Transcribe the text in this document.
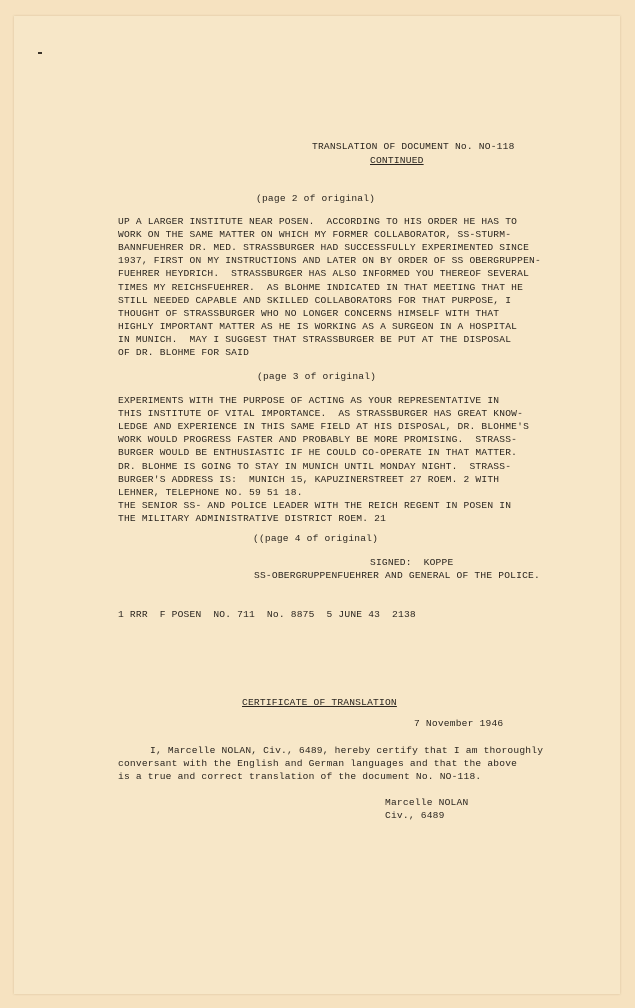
TRANSLATION OF DOCUMENT No. NO-118
CONTINUED
(page 2 of original)
UP A LARGER INSTITUTE NEAR POSEN.  ACCORDING TO HIS ORDER HE HAS TO
WORK ON THE SAME MATTER ON WHICH MY FORMER COLLABORATOR, SS-STURM-
BANNFUEHRER DR. MED. STRASSBURGER HAD SUCCESSFULLY EXPERIMENTED SINCE
1937, FIRST ON MY INSTRUCTIONS AND LATER ON BY ORDER OF SS OBERGRUPPEN-
FUEHRER HEYDRICH.  STRASSBURGER HAS ALSO INFORMED YOU THEREOF SEVERAL
TIMES MY REICHSFUEHRER.  AS BLOHME INDICATED IN THAT MEETING THAT HE
STILL NEEDED CAPABLE AND SKILLED COLLABORATORS FOR THAT PURPOSE, I
THOUGHT OF STRASSBURGER WHO NO LONGER CONCERNS HIMSELF WITH THAT
HIGHLY IMPORTANT MATTER AS HE IS WORKING AS A SURGEON IN A HOSPITAL
IN MUNICH.  MAY I SUGGEST THAT STRASSBURGER BE PUT AT THE DISPOSAL
OF DR. BLOHME FOR SAID
(page 3 of original)
EXPERIMENTS WITH THE PURPOSE OF ACTING AS YOUR REPRESENTATIVE IN
THIS INSTITUTE OF VITAL IMPORTANCE.  AS STRASSBURGER HAS GREAT KNOW-
LEDGE AND EXPERIENCE IN THIS SAME FIELD AT HIS DISPOSAL, DR. BLOHME'S
WORK WOULD PROGRESS FASTER AND PROBABLY BE MORE PROMISING.  STRASS-
BURGER WOULD BE ENTHUSIASTIC IF HE COULD CO-OPERATE IN THAT MATTER.
DR. BLOHME IS GOING TO STAY IN MUNICH UNTIL MONDAY NIGHT.  STRASS-
BURGER'S ADDRESS IS:  MUNICH 15, KAPUZINERSTREET 27 ROEM. 2 WITH
LEHNER, TELEPHONE NO. 59 51 18.
THE SENIOR SS- AND POLICE LEADER WITH THE REICH REGENT IN POSEN IN
THE MILITARY ADMINISTRATIVE DISTRICT ROEM. 21
((page 4 of original)
SIGNED:  KOPPE
SS-OBERGRUPPENFUEHRER AND GENERAL OF THE POLICE.
1 RRR  F POSEN  NO. 711  No. 8875  5 JUNE 43  2138
CERTIFICATE OF TRANSLATION
7 November 1946
I, Marcelle NOLAN, Civ., 6489, hereby certify that I am thoroughly
conversant with the English and German languages and that the above
is a true and correct translation of the document No. NO-118.
Marcelle NOLAN
Civ., 6489
